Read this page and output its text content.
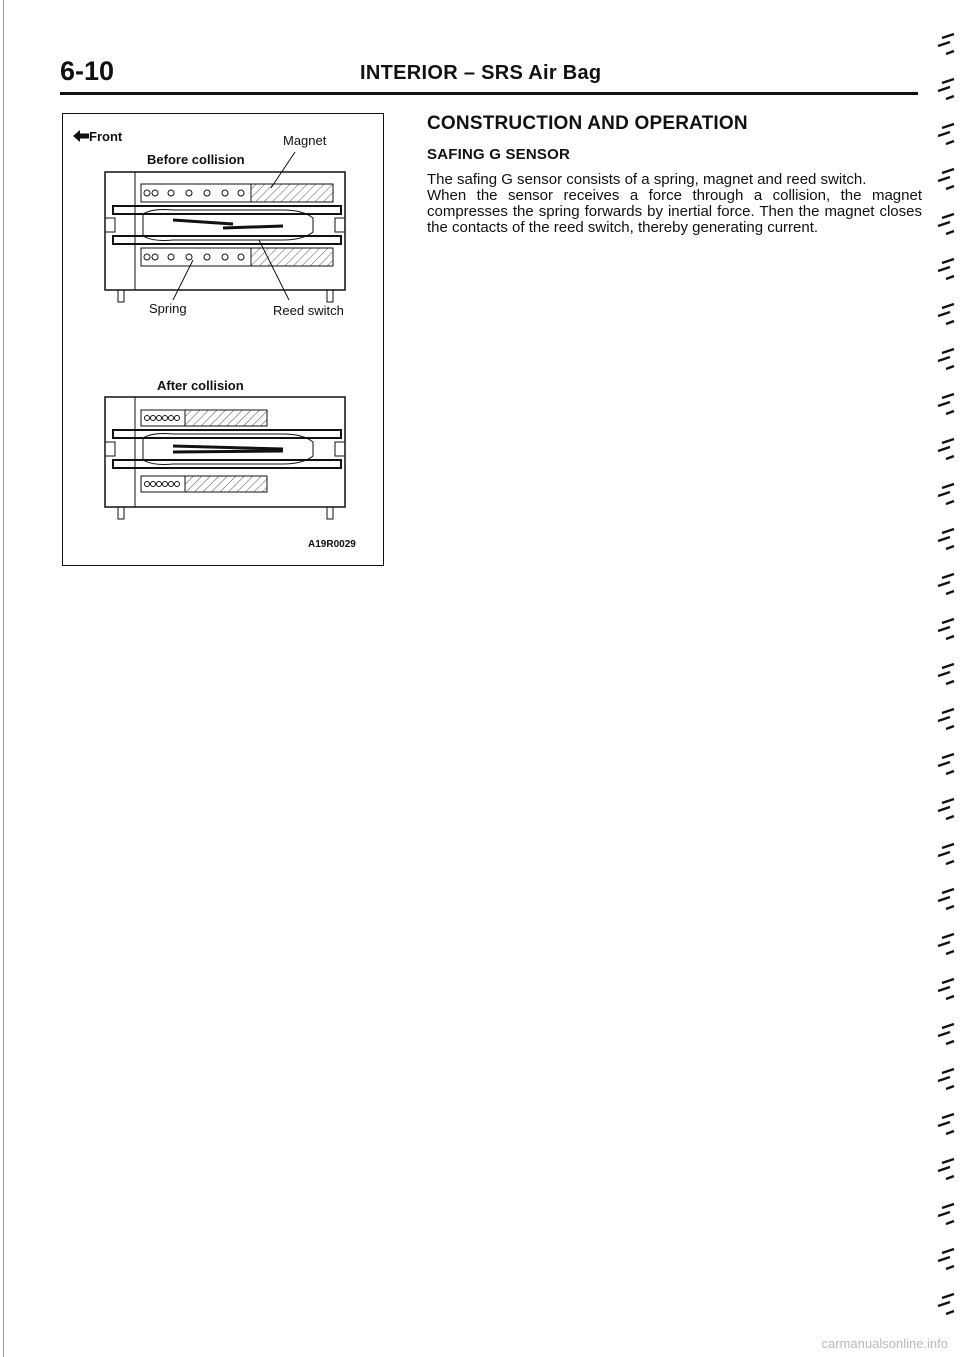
6-10	INTERIOR – SRS Air Bag
Front	Magnet
Before collision
Spring	Reed switch
After collision
A19R0029
CONSTRUCTION AND OPERATION
SAFING G SENSOR

The safing G sensor consists of a spring, magnet and reed switch.

When the sensor receives a force through a collision, the magnet compresses the spring forwards by inertial force. Then the magnet closes the contacts of the reed switch, thereby generating current.

carmanualsonline.info
